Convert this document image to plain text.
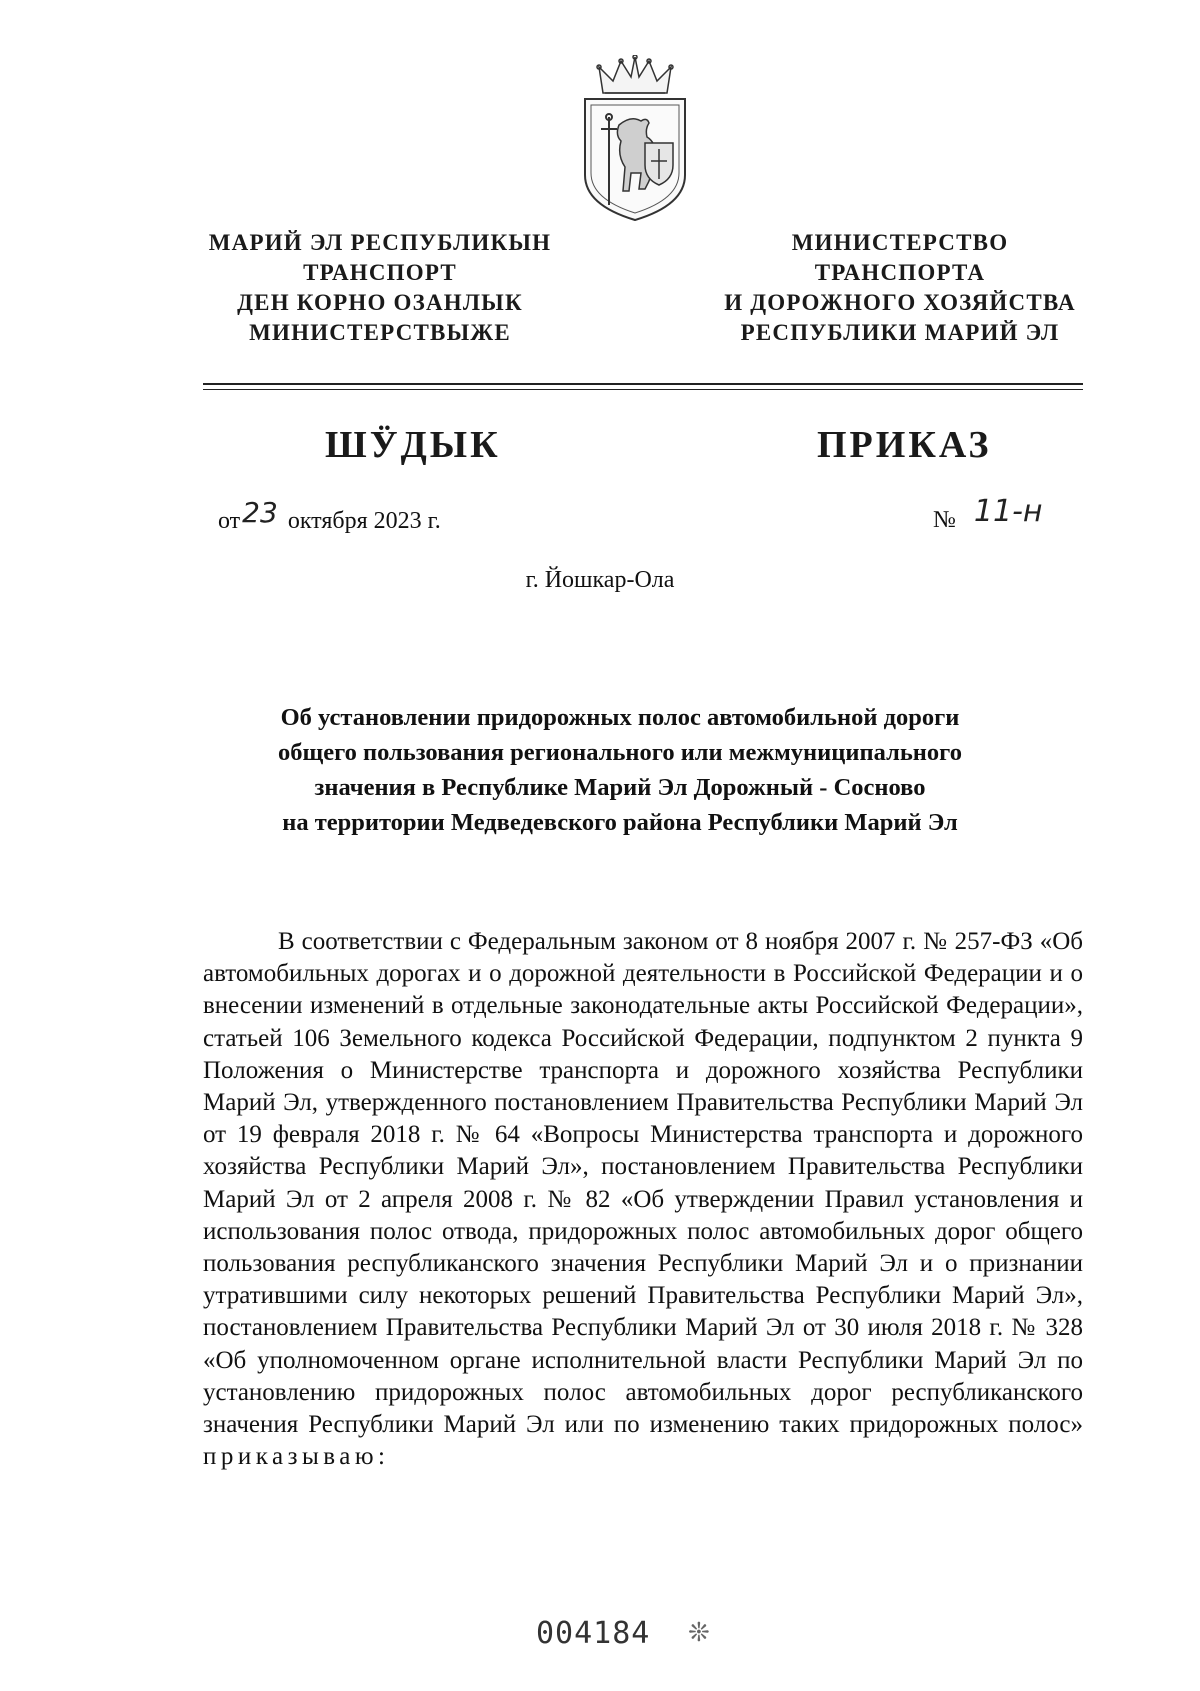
МАРИЙ ЭЛ РЕСПУБЛИКЫН
ТРАНСПОРТ
ДЕН КОРНО ОЗАНЛЫК
МИНИСТЕРСТВЫЖЕ
МИНИСТЕРСТВО
ТРАНСПОРТА
И ДОРОЖНОГО ХОЗЯЙСТВА
РЕСПУБЛИКИ МАРИЙ ЭЛ
ШӰДЫК	ПРИКАЗ
от23 октября 2023 г.	№ 11-н
г. Йошкар-Ола
Об установлении придорожных полос автомобильной дороги
общего пользования регионального или межмуниципального
значения в Республике Марий Эл Дорожный - Сосново
на территории Медведевского района Республики Марий Эл
В соответствии с Федеральным законом от 8 ноября 2007 г. № 257-ФЗ «Об автомобильных дорогах и о дорожной деятельности в Российской Федерации и о внесении изменений в отдельные законодательные акты Российской Федерации», статьей 106 Земельного кодекса Российской Федерации, подпунктом 2 пункта 9 Положения о Министерстве транспорта и дорожного хозяйства Республики Марий Эл, утвержденного постановлением Правительства Республики Марий Эл от 19 февраля 2018 г. № 64 «Вопросы Министерства транспорта и дорожного хозяйства Республики Марий Эл», постановлением Правительства Республики Марий Эл от 2 апреля 2008 г. № 82 «Об утверждении Правил установления и использования полос отвода, придорожных полос автомобильных дорог общего пользования республиканского значения Республики Марий Эл и о признании утратившими силу некоторых решений Правительства Республики Марий Эл», постановлением Правительства Республики Марий Эл от 30 июля 2018 г. № 328 «Об уполномоченном органе исполнительной власти Республики Марий Эл по установлению придорожных полос автомобильных дорог республиканского значения Республики Марий Эл или по изменению таких придорожных полос» приказываю:
004184 ❊
